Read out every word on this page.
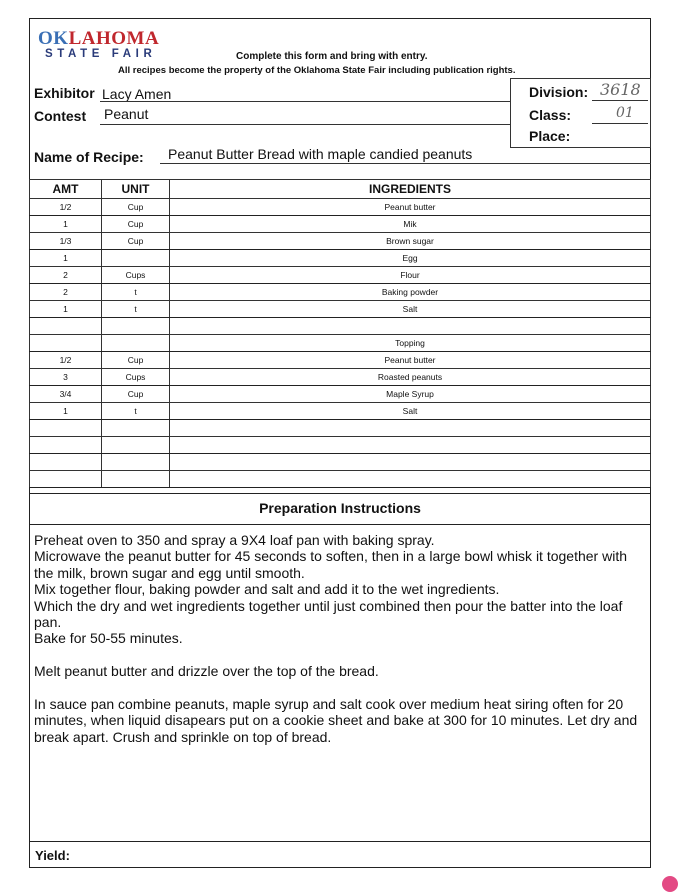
OKLAHOMA
STATE FAIR	Complete this form and bring with entry.
All recipes become the property of the Oklahoma State Fair including publication rights.
Exhibitor Lacy Amen
Contest Peanut
Division: 3618
Class:	01
Place:
Name of Recipe: Peanut Butter Bread with maple candied peanuts
AMT	UNIT	INGREDIENTS
1/2	Cup	Peanut butter
1	Cup	Mik
1/3	Cup	Brown sugar
1		Egg
2	Cups	Flour
2	t	Baking powder
1	t	Salt

		Topping
1/2	Cup	Peanut butter
3	Cups	Roasted peanuts
3/4	Cup	Maple Syrup
1	t	Salt

Preparation Instructions

Preheat oven to 350 and spray a 9X4 loaf pan with baking spray.

Microwave the peanut butter for 45 seconds to soften, then in a large bowl whisk it together with the milk, brown sugar and egg until smooth.

Mix together flour, baking powder and salt and add it to the wet ingredients.

Which the dry and wet ingredients together until just combined then pour the batter into the loaf pan.

Bake for 50-55 minutes.

Melt peanut butter and drizzle over the top of the bread.

In sauce pan combine peanuts, maple syrup and salt cook over medium heat siring often for 20 minutes, when liquid disapears put on a cookie sheet and bake at 300 for 10 minutes. Let dry and break apart. Crush and sprinkle on top of bread.

Yield:
